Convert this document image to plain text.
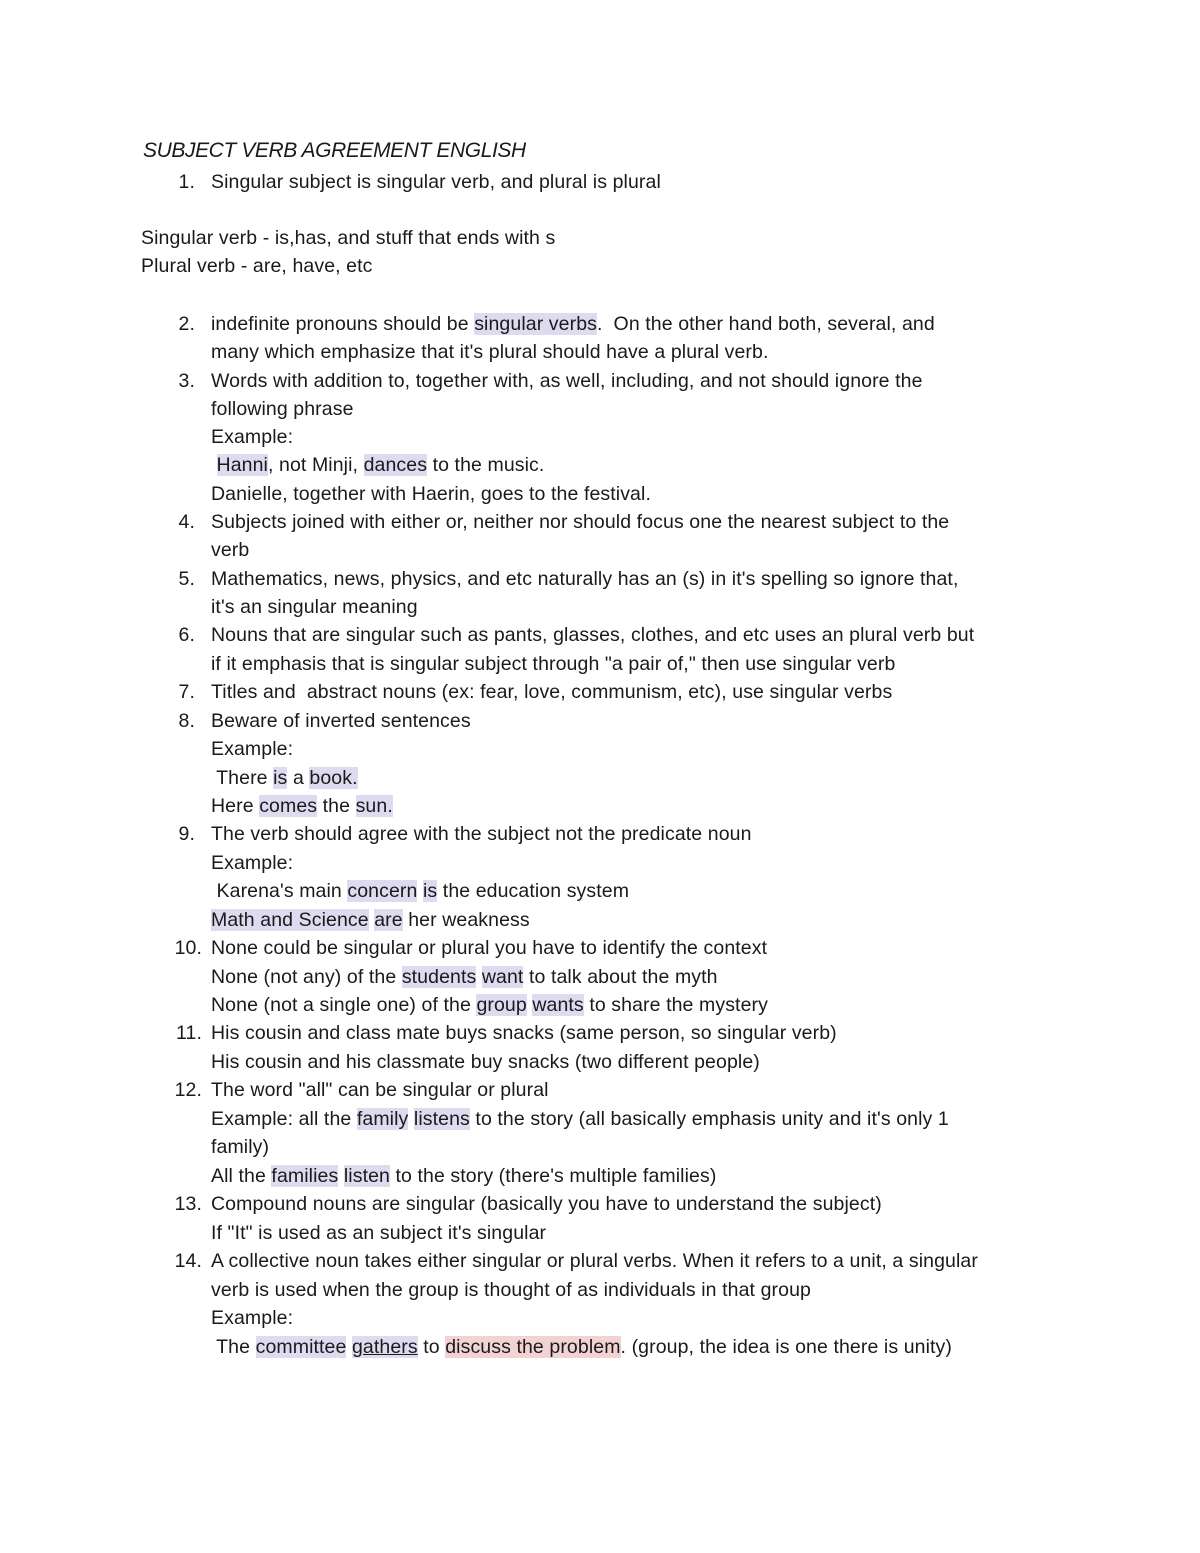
SUBJECT VERB AGREEMENT ENGLISH
1. Singular subject is singular verb, and plural is plural
Singular verb - is,has, and stuff that ends with s
Plural verb - are, have, etc
2. indefinite pronouns should be singular verbs.  On the other hand both, several, and
many which emphasize that it's plural should have a plural verb.
3. Words with addition to, together with, as well, including, and not should ignore the
following phrase
Example:
Hanni, not Minji, dances to the music.
Danielle, together with Haerin, goes to the festival.
4. Subjects joined with either or, neither nor should focus one the nearest subject to the
verb
5. Mathematics, news, physics, and etc naturally has an (s) in it's spelling so ignore that,
it's an singular meaning
6. Nouns that are singular such as pants, glasses, clothes, and etc uses an plural verb but
if it emphasis that is singular subject through "a pair of," then use singular verb
7. Titles and  abstract nouns (ex: fear, love, communism, etc), use singular verbs
8. Beware of inverted sentences
Example:
There is a book.
Here comes the sun.
9. The verb should agree with the subject not the predicate noun
Example:
Karena's main concern is the education system
Math and Science are her weakness
10. None could be singular or plural you have to identify the context
None (not any) of the students want to talk about the myth
None (not a single one) of the group wants to share the mystery
11. His cousin and class mate buys snacks (same person, so singular verb)
His cousin and his classmate buy snacks (two different people)
12. The word "all" can be singular or plural
Example: all the family listens to the story (all basically emphasis unity and it's only 1
family)
All the families listen to the story (there's multiple families)
13. Compound nouns are singular (basically you have to understand the subject)
If "It" is used as an subject it's singular
14. A collective noun takes either singular or plural verbs. When it refers to a unit, a singular
verb is used when the group is thought of as individuals in that group
Example:
The committee gathers to discuss the problem. (group, the idea is one there is unity)
